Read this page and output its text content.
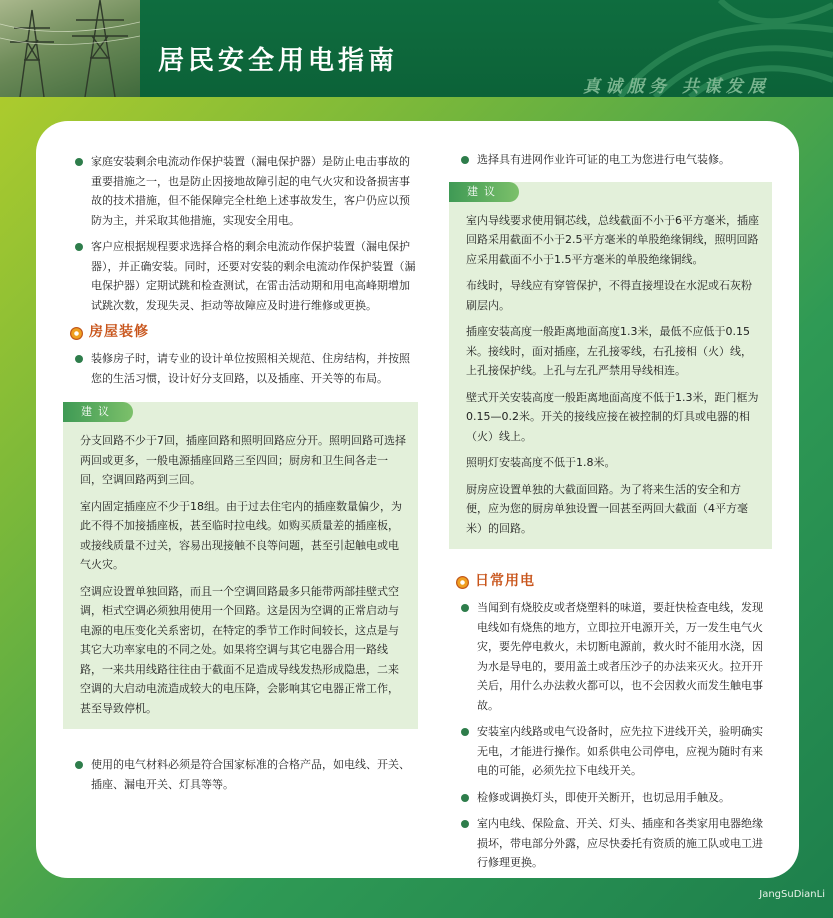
居民安全用电指南
真诚服务 共谋发展
家庭安装剩余电流动作保护装置（漏电保护器）是防止电击事故的重要措施之一，也是防止因接地故障引起的电气火灾和设备损害事故的技术措施，但不能保障完全杜绝上述事故发生，客户仍应以预防为主，并采取其他措施，实现安全用电。
客户应根据规程要求选择合格的剩余电流动作保护装置（漏电保护器），并正确安装。同时，还要对安装的剩余电流动作保护装置（漏电保护器）定期试跳和检查测试，在雷击活动期和用电高峰期增加试跳次数，发现失灵、拒动等故障应及时进行维修或更换。
房屋装修
装修房子时，请专业的设计单位按照相关规范、住房结构，并按照您的生活习惯，设计好分支回路，以及插座、开关等的布局。
建议

分支回路不少于7回，插座回路和照明回路应分开。照明回路可选择两回或更多，一般电源插座回路三至四回；厨房和卫生间各走一回，空调回路两到三回。

室内固定插座应不少于18组。由于过去住宅内的插座数量偏少，为此不得不加接插座板，甚至临时拉电线。如购买质量差的插座板，或接线质量不过关，容易出现接触不良等问题，甚至引起触电或电气火灾。

空调应设置单独回路，而且一个空调回路最多只能带两部挂壁式空调，柜式空调必须独用使用一个回路。这是因为空调的正常启动与电源的电压变化关系密切，在特定的季节工作时间较长，这点是与其它大功率家电的不同之处。如果将空调与其它电器合用一路线路，一来共用线路往往由于截面不足造成导线发热形成隐患，二来空调的大启动电流造成较大的电压降，会影响其它电器正常工作，甚至导致停机。

使用的电气材料必须是符合国家标准的合格产品，如电线、开关、插座、漏电开关、灯具等等。
选择具有进网作业许可证的电工为您进行电气装修。
建议

室内导线要求使用铜芯线，总线截面不小于6平方毫米，插座回路采用截面不小于2.5平方毫米的单股绝缘铜线，照明回路应采用截面不小于1.5平方毫米的单股绝缘铜线。

布线时，导线应有穿管保护，不得直接埋设在水泥或石灰粉刷层内。

插座安装高度一般距离地面高度1.3米，最低不应低于0.15米。接线时，面对插座，左孔接零线，右孔接相（火）线，上孔接保护线。上孔与左孔严禁用导线相连。

壁式开关安装高度一般距离地面高度不低于1.3米，距门框为0.15—0.2米。开关的接线应接在被控制的灯具或电器的相（火）线上。

照明灯安装高度不低于1.8米。

厨房应设置单独的大截面回路。为了将来生活的安全和方便，应为您的厨房单独设置一回甚至两回大截面（4平方毫米）的回路。

日常用电
当闻到有烧胶皮或者烧塑料的味道，要赶快检查电线，发现电线如有烧焦的地方，立即拉开电源开关，万一发生电气火灾，要先停电救火，未切断电源前，救火时不能用水浇，因为水是导电的，要用盖土或者压沙子的办法来灭火。拉开开关后，用什么办法救火都可以，也不会因救火而发生触电事故。
安装室内线路或电气设备时，应先拉下进线开关，验明确实无电，才能进行操作。如系供电公司停电，应视为随时有来电的可能，必须先拉下电线开关。
检修或调换灯头，即使开关断开，也切忌用手触及。
室内电线、保险盒、开关、灯头、插座和各类家用电器绝缘损坏，带电部分外露，应尽快委托有资质的施工队或电工进行修理更换。
JangSuDianLi
